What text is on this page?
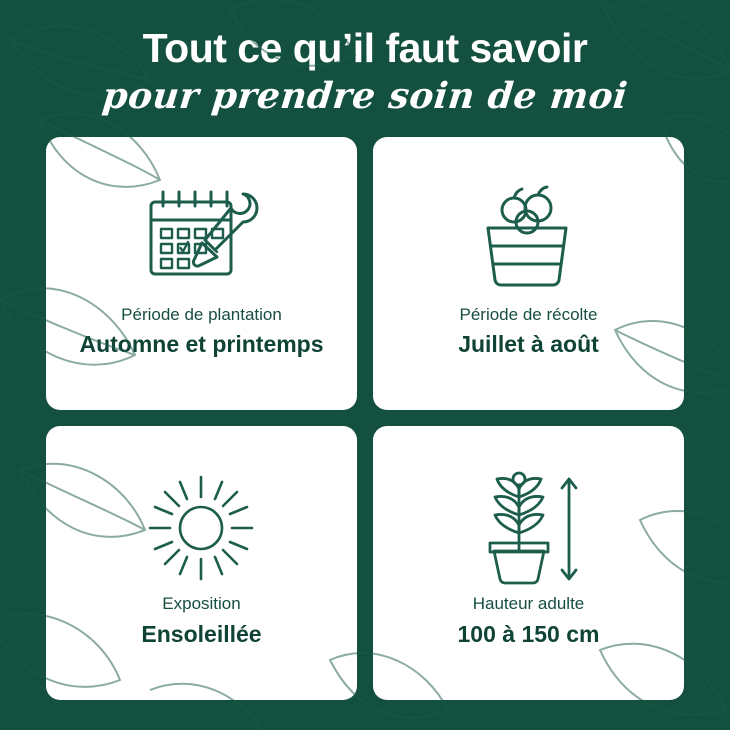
Tout ce qu’il faut savoir
pour prendre soin de moi
Période de plantation
Automne et printemps
Période de récolte
Juillet à août
Exposition
Ensoleillée
Hauteur adulte
100 à 150 cm
